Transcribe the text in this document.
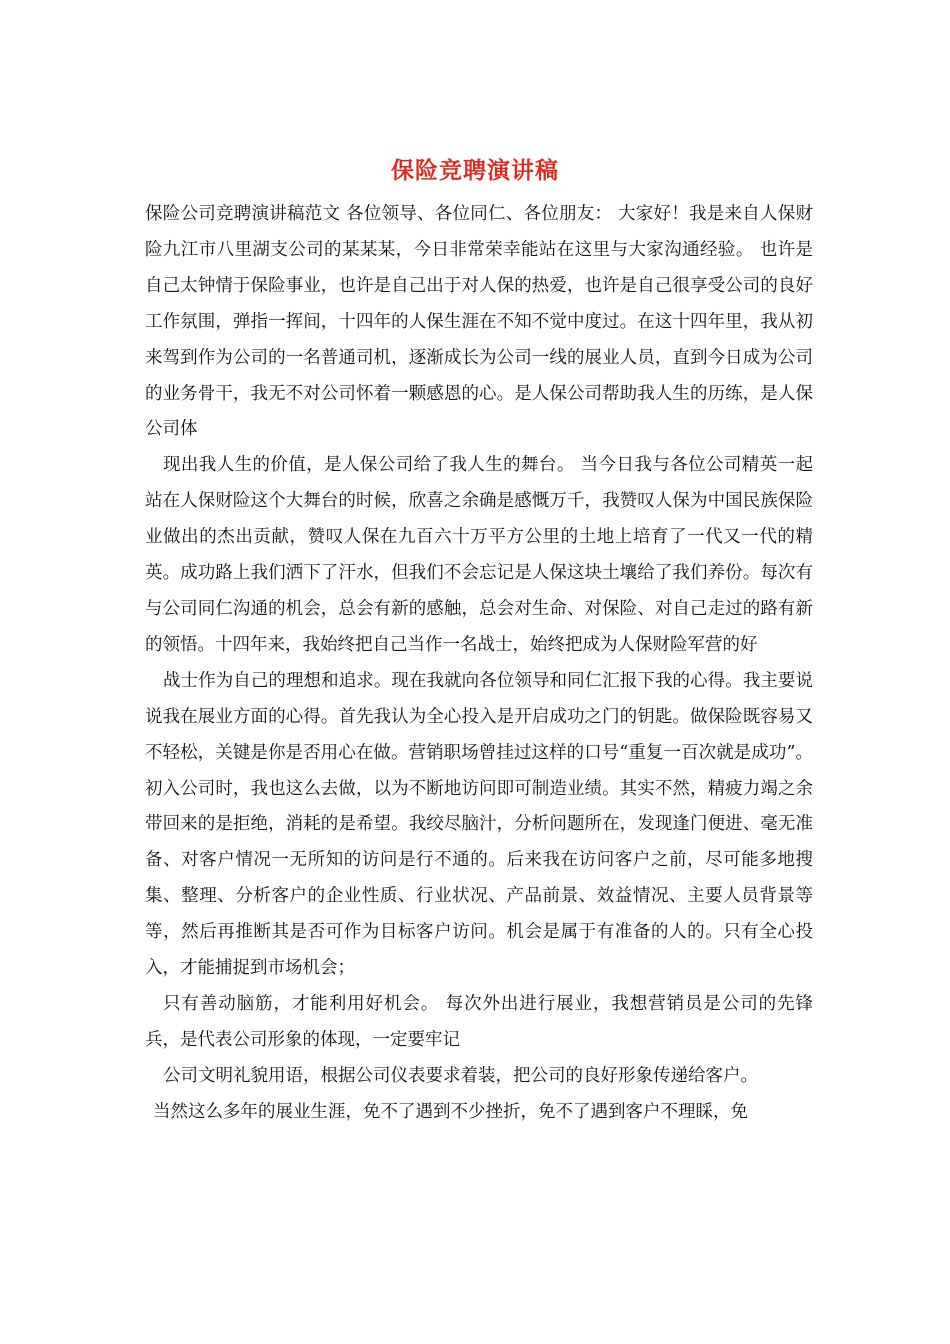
保险竞聘演讲稿

保险公司竞聘演讲稿范文 各位领导、各位同仁、各位朋友： 大家好！我是来自人保财险九江市八里湖支公司的某某某，今日非常荣幸能站在这里与大家沟通经验。 也许是自己太钟情于保险事业，也许是自己出于对人保的热爱，也许是自己很享受公司的良好工作氛围，弹指一挥间，十四年的人保生涯在不知不觉中度过。在这十四年里，我从初来驾到作为公司的一名普通司机，逐渐成长为公司一线的展业人员，直到今日成为公司的业务骨干，我无不对公司怀着一颗感恩的心。是人保公司帮助我人生的历练，是人保公司体

现出我人生的价值，是人保公司给了我人生的舞台。 当今日我与各位公司精英一起站在人保财险这个大舞台的时候，欣喜之余确是感慨万千，我赞叹人保为中国民族保险业做出的杰出贡献，赞叹人保在九百六十万平方公里的土地上培育了一代又一代的精英。成功路上我们洒下了汗水，但我们不会忘记是人保这块土壤给了我们养份。每次有与公司同仁沟通的机会，总会有新的感触，总会对生命、对保险、对自己走过的路有新的领悟。十四年来，我始终把自己当作一名战士，始终把成为人保财险军营的好

战士作为自己的理想和追求。现在我就向各位领导和同仁汇报下我的心得。我主要说说我在展业方面的心得。首先我认为全心投入是开启成功之门的钥匙。做保险既容易又不轻松，关键是你是否用心在做。营销职场曾挂过这样的口号“重复一百次就是成功”。初入公司时，我也这么去做，以为不断地访问即可制造业绩。其实不然，精疲力竭之余带回来的是拒绝，消耗的是希望。我绞尽脑汁，分析问题所在，发现逢门便进、毫无准备、对客户情况一无所知的访问是行不通的。后来我在访问客户之前，尽可能多地搜集、整理、分析客户的企业性质、行业状况、产品前景、效益情况、主要人员背景等等，然后再推断其是否可作为目标客户访问。机会是属于有准备的人的。只有全心投入，才能捕捉到市场机会；

只有善动脑筋，才能利用好机会。 每次外出进行展业，我想营销员是公司的先锋兵，是代表公司形象的体现，一定要牢记

公司文明礼貌用语，根据公司仪表要求着装，把公司的良好形象传递给客户。

当然这么多年的展业生涯，免不了遇到不少挫折，免不了遇到客户不理睬，免
